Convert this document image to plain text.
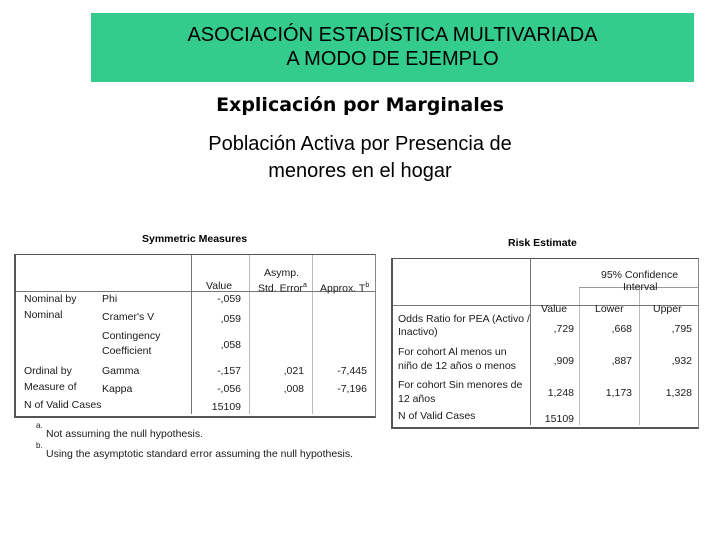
ASOCIACIÓN ESTADÍSTICA MULTIVARIADA
A MODO DE EJEMPLO
Explicación por Marginales
Población Activa por Presencia de
menores en el hogar
Symmetric Measures
Value
Asymp.
Std. Error$^a$ Approx. $T^b$
Nominal by
Nominal
Ordinal by
Measure of
N of Valid Cases
Phi
Cramer's V
Contingency
Coefficient
Gamma
Kappa
-,059
,059
,058
-,157
-,056
15109
,021
,008
-7,445
-7,196
a.
Not assuming the null hypothesis.
b.
Using the asymptotic standard error assuming the null hypothesis.
Risk Estimate
95% Confidence
Interval
Value	Lower	Upper
Odds Ratio for PEA (Activo /
Inactivo)
For cohort Al menos un
niño de 12 años o menos
For cohort Sin menores de
12 años
N of Valid Cases
,729
,909
1,248
15109
,668
,887
1,173
,795
,932
1,328
